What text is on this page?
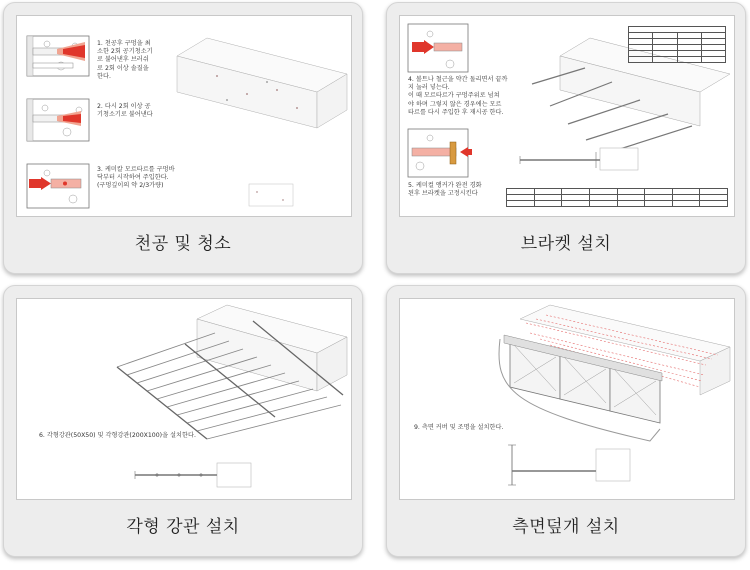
1. 천공후 구멍을 최
소한 2회 공기청소기
로 불어낸후 브러쉬
로 2회 이상 솔질을
한다.
2. 다시 2회 이상 공
기청소기로 불어낸다
3. 케미칼 모르타르를 구멍바
닥부터 시작하여 주입한다.
(구멍깊이의 약 2/3가량)
천공 및 청소

4. 볼트나 철근을 약간 돌리면서 끝까
지 눌러 넣는다.
이 때 모르타르가 구멍주위로 넘쳐
야 하며 그렇지 않은 경우에는 모르
타르를 다시 주입한 후 재시공 한다.
5. 케미컬 앵커가 완전 경화
된후 브라켓을 고정시킨다
브라켓 설치
6. 각형강관(50X50) 및 각형강관(200X100)을 설치한다.
각형 강관 설치
9. 측면 커버 및 조명을 설치한다.
측면덮개 설치
